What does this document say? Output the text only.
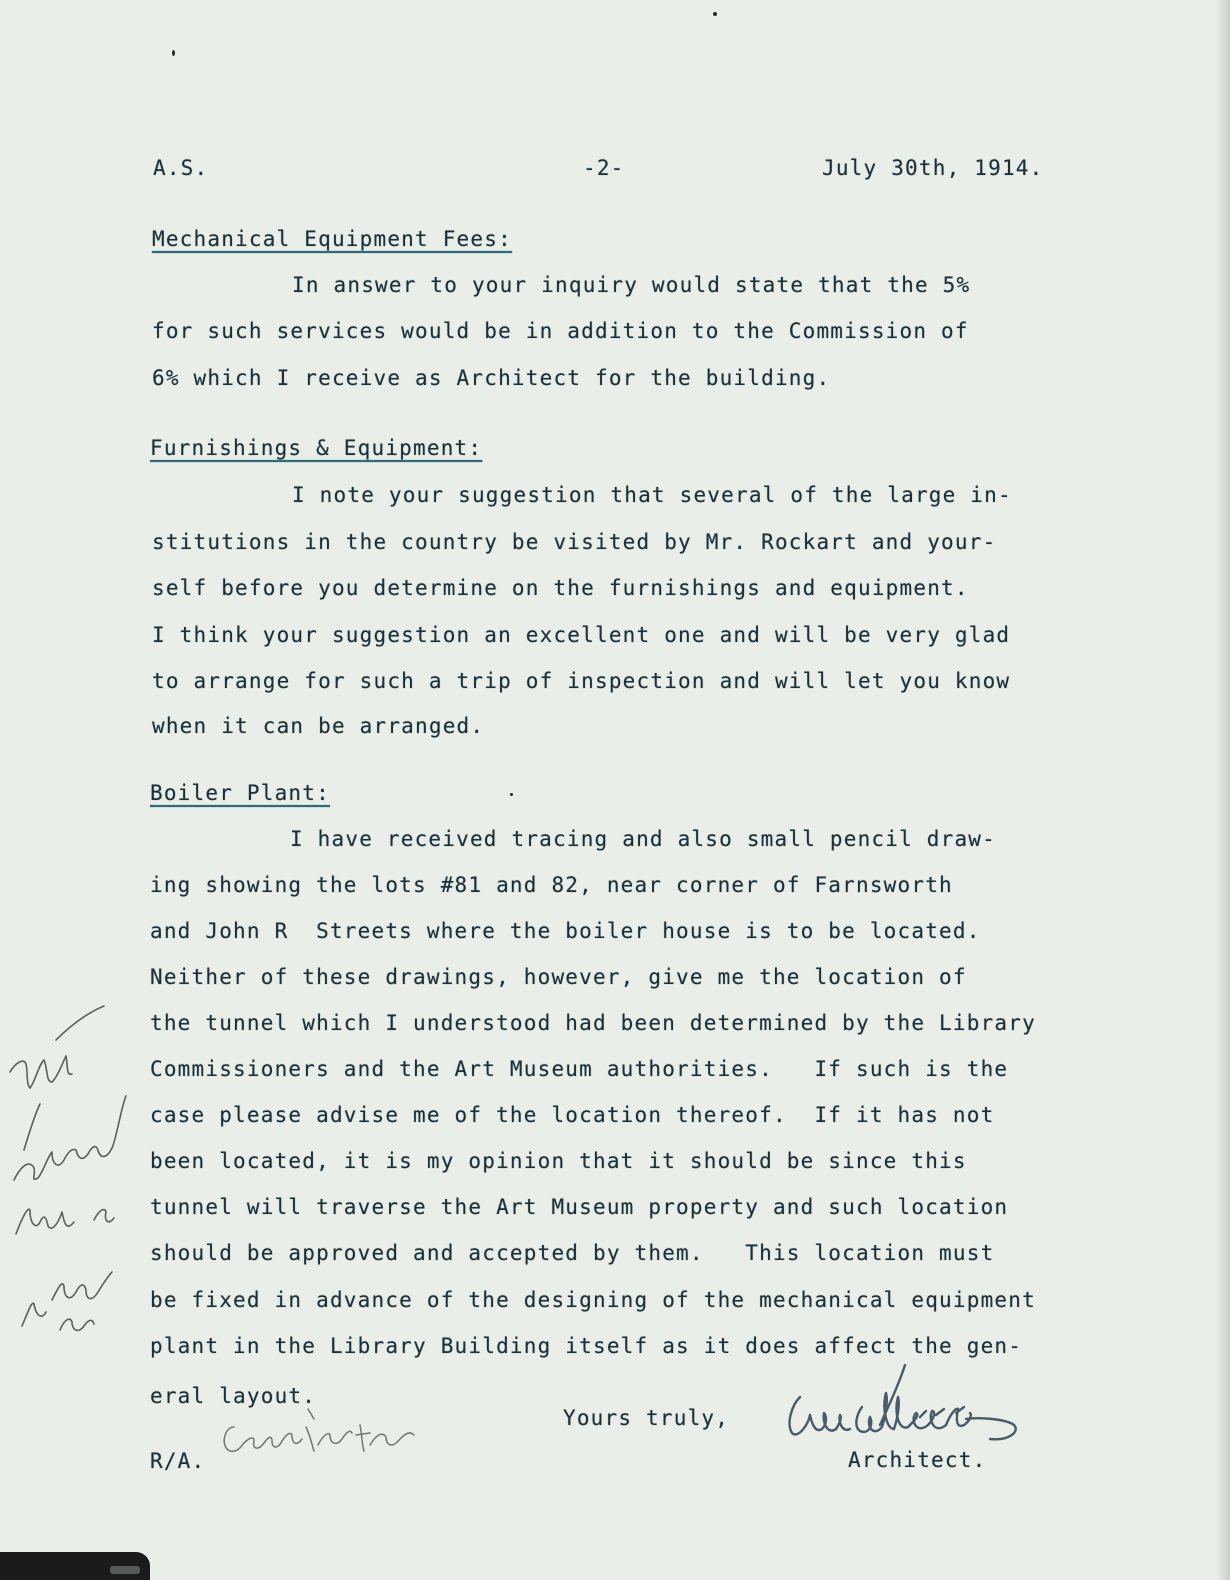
A.S.	-2-	July 30th, 1914.
Mechanical Equipment Fees:
In answer to your inquiry would state that the 5%
for such services would be in addition to the Commission of
6% which I receive as Architect for the building.
Furnishings & Equipment:
I note your suggestion that several of the large in-
stitutions in the country be visited by Mr. Rockart and your-
self before you determine on the furnishings and equipment.
I think your suggestion an excellent one and will be very glad
to arrange for such a trip of inspection and will let you know
when it can be arranged.
Boiler Plant:
I have received tracing and also small pencil draw-
ing showing the lots #81 and 82, near corner of Farnsworth
and John R  Streets where the boiler house is to be located.
Neither of these drawings, however, give me the location of
the tunnel which I understood had been determined by the Library
Commissioners and the Art Museum authorities.   If such is the
case please advise me of the location thereof.  If it has not
been located, it is my opinion that it should be since this
tunnel will traverse the Art Museum property and such location
should be approved and accepted by them.   This location must
be fixed in advance of the designing of the mechanical equipment
plant in the Library Building itself as it does affect the gen-
eral layout.
Yours truly,
Architect.
R/A.
